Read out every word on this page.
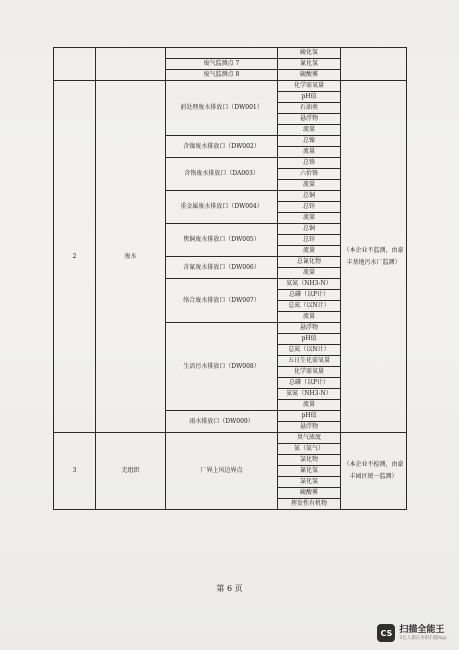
			硫化氢	
		废气监测点 7	氰化氢	
		废气监测点 8	硫酸雾	
2	废水	前处理废水排放口（DW001）	化学需氧量	（本企业不监测，由豪丰基地污水厂监测）
			pH值	
			石油类	
			悬浮物	
			流量	
		含镍废水排放口（DW002）	总镍	
			流量	
		含铬废水排放口（DA003）	总铬	
			六价铬	
			流量	
		重金属废水排放口（DW004）	总铜	
			总锌	
			流量	
		焦铜废水排放口（DW005）	总铜	
			总锌	
			流量	
		含氰废水排放口（DW006）	总氰化物	
			流量	
		络合废水排放口（DW007）	氨氮（NH3-N）	
			总磷（以P计）	
			总氮（以N计）	
			流量	
		生活污水排放口（DW008）	悬浮物	
			pH值	
			总氮（以N计）	
			五日生化需氧量	
			化学需氧量	
			总磷（以P计）	
			氨氮（NH3-N）	
			流量	
		雨水排放口（DW009）	pH值	
			悬浮物	
3	无组织	厂界上风边界点	臭气浓度	（本企业不检测，由豪丰园区统一监测）
			氨（氨气）	
			氯化物	
			氰化氢	
			氯化氢	
			硫酸雾	
			挥发性有机物	
第 6 页
CS 扫描全能王
3亿人都在用的扫描App
